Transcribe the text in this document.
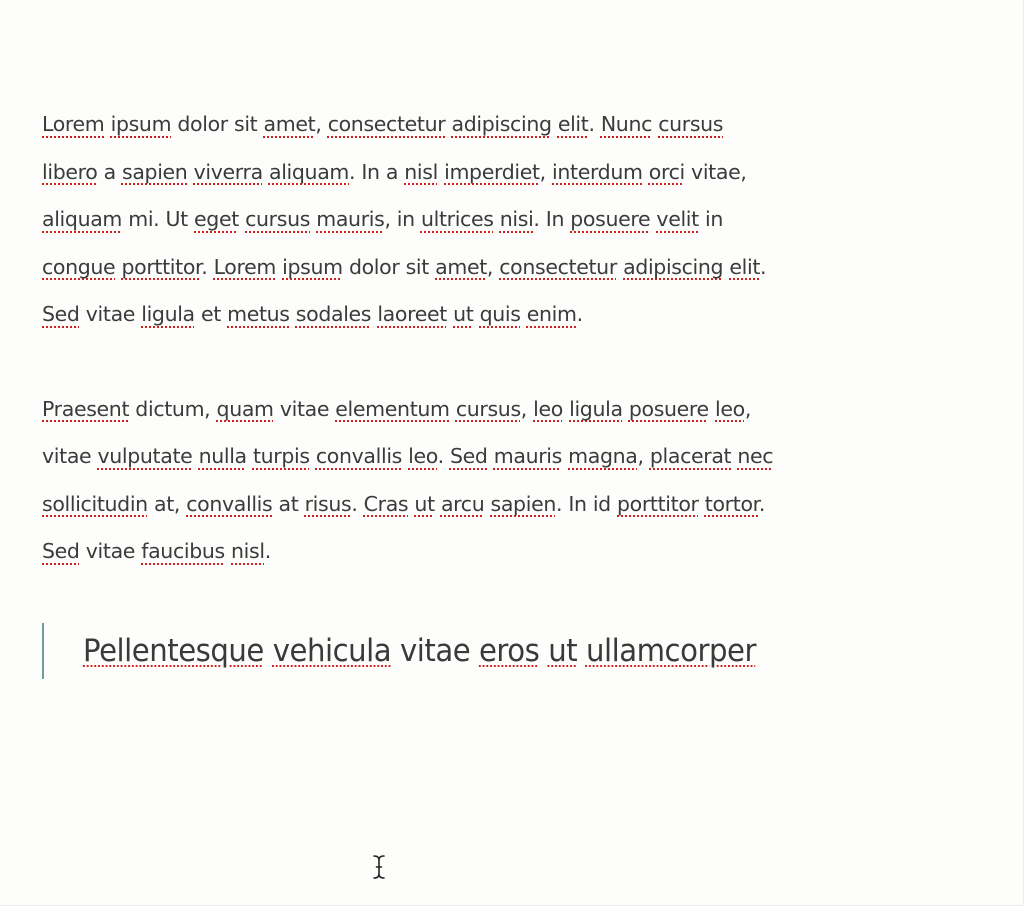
Lorem ipsum dolor sit amet, consectetur adipiscing elit. Nunc cursus
libero a sapien viverra aliquam. In a nisl imperdiet, interdum orci vitae,
aliquam mi. Ut eget cursus mauris, in ultrices nisi. In posuere velit in
congue porttitor. Lorem ipsum dolor sit amet, consectetur adipiscing elit.
Sed vitae ligula et metus sodales laoreet ut quis enim.

Praesent dictum, quam vitae elementum cursus, leo ligula posuere leo,
vitae vulputate nulla turpis convallis leo. Sed mauris magna, placerat nec
sollicitudin at, convallis at risus. Cras ut arcu sapien. In id porttitor tortor.
Sed vitae faucibus nisl.

Pellentesque vehicula vitae eros ut ullamcorper
